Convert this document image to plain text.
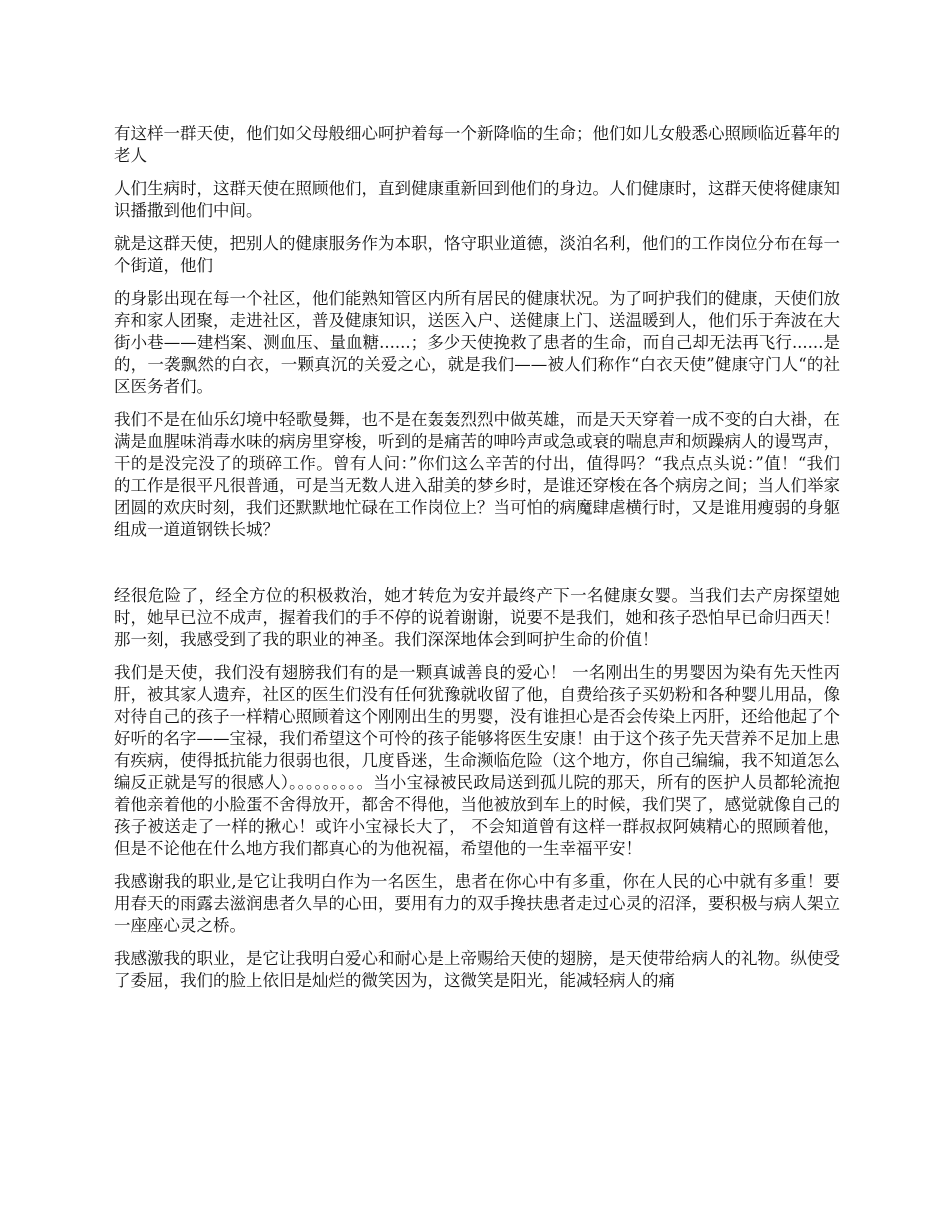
有这样一群天使，他们如父母般细心呵护着每一个新降临的生命；他们如儿女般悉心照顾临近暮年的老人

人们生病时，这群天使在照顾他们，直到健康重新回到他们的身边。人们健康时，这群天使将健康知识播撒到他们中间。

就是这群天使，把别人的健康服务作为本职，恪守职业道德，淡泊名利，他们的工作岗位分布在每一个街道，他们

的身影出现在每一个社区，他们能熟知管区内所有居民的健康状况。为了呵护我们的健康，天使们放弃和家人团聚，走进社区，普及健康知识，送医入户、送健康上门、送温暖到人，他们乐于奔波在大街小巷——建档案、测血压、量血糖......；多少天使挽救了患者的生命，而自己却无法再飞行......是的，一袭飘然的白衣，一颗真沉的关爱之心，就是我们——被人们称作“白衣天使”健康守门人“的社区医务者们。

我们不是在仙乐幻境中轻歌曼舞，也不是在轰轰烈烈中做英雄，而是天天穿着一成不变的白大褂，在满是血腥味消毒水味的病房里穿梭，听到的是痛苦的呻吟声或急或衰的喘息声和烦躁病人的谩骂声，干的是没完没了的琐碎工作。曾有人问：”你们这么辛苦的付出，值得吗？“我点点头说：”值！“我们的工作是很平凡很普通，可是当无数人进入甜美的梦乡时，是谁还穿梭在各个病房之间；当人们举家团圆的欢庆时刻，我们还默默地忙碌在工作岗位上？当可怕的病魔肆虐横行时，又是谁用瘦弱的身躯组成一道道钢铁长城？

经很危险了，经全方位的积极救治，她才转危为安并最终产下一名健康女婴。当我们去产房探望她时，她早已泣不成声，握着我们的手不停的说着谢谢，说要不是我们，她和孩子恐怕早已命归西天！那一刻，我感受到了我的职业的神圣。我们深深地体会到呵护生命的价值！

我们是天使，我们没有翅膀我们有的是一颗真诚善良的爱心！ 一名刚出生的男婴因为染有先天性丙肝，被其家人遗弃，社区的医生们没有任何犹豫就收留了他，自费给孩子买奶粉和各种婴儿用品，像对待自己的孩子一样精心照顾着这个刚刚出生的男婴，没有谁担心是否会传染上丙肝，还给他起了个好听的名字——宝禄，我们希望这个可怜的孩子能够将医生安康！由于这个孩子先天营养不足加上患有疾病，使得抵抗能力很弱也很，几度昏迷，生命濒临危险（这个地方，你自己编编，我不知道怎么编反正就是写的很感人）。。。。。。。。。当小宝禄被民政局送到孤儿院的那天，所有的医护人员都轮流抱着他亲着他的小脸蛋不舍得放开，都舍不得他，当他被放到车上的时候，我们哭了，感觉就像自己的孩子被送走了一样的揪心！或许小宝禄长大了， 不会知道曾有这样一群叔叔阿姨精心的照顾着他，但是不论他在什么地方我们都真心的为他祝福，希望他的一生幸福平安！

我感谢我的职业,是它让我明白作为一名医生，患者在你心中有多重，你在人民的心中就有多重！要用春天的雨露去滋润患者久旱的心田，要用有力的双手搀扶患者走过心灵的沼泽，要积极与病人架立一座座心灵之桥。

我感激我的职业，是它让我明白爱心和耐心是上帝赐给天使的翅膀，是天使带给病人的礼物。纵使受了委屈，我们的脸上依旧是灿烂的微笑因为，这微笑是阳光，能减轻病人的痛
